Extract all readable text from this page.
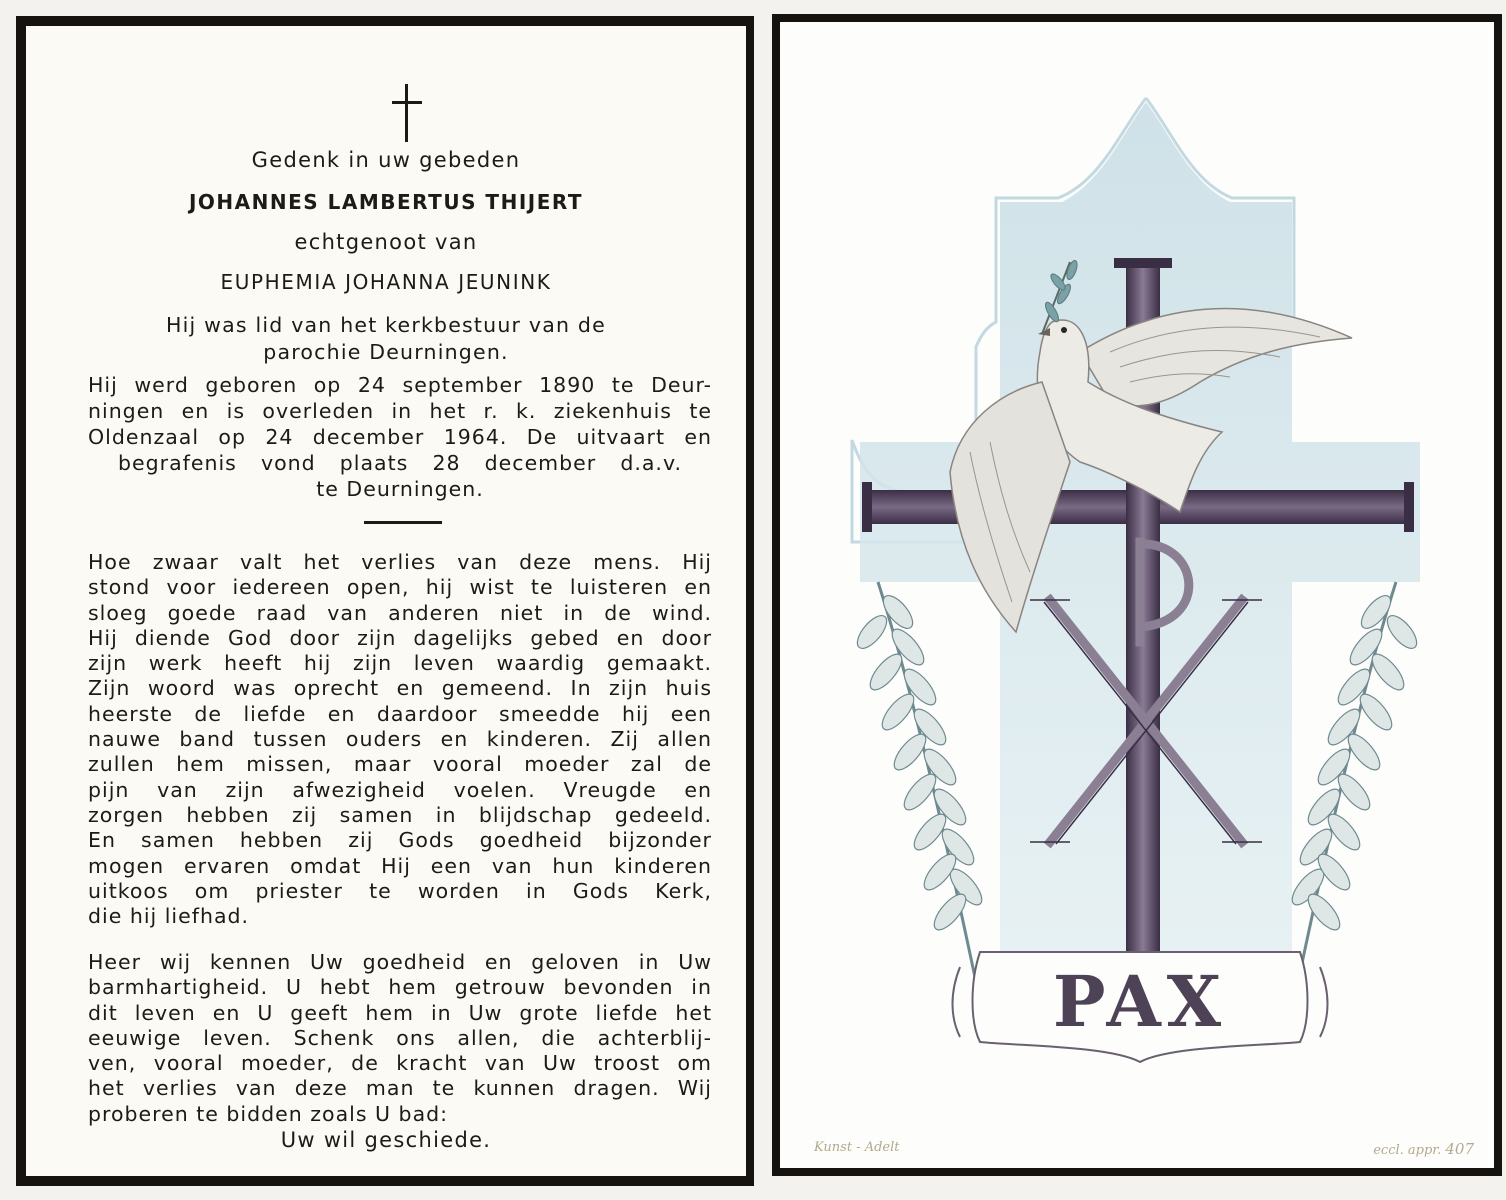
Gedenk in uw gebeden
JOHANNES LAMBERTUS THIJERT
echtgenoot van
EUPHEMIA JOHANNA JEUNINK
Hij was lid van het kerkbestuur van de
parochie Deurningen.
Hij werd geboren op 24 september 1890 te Deur-
ningen en is overleden in het r. k. ziekenhuis te
Oldenzaal op 24 december 1964. De uitvaart en
begrafenis vond plaats 28 december d.a.v.
te Deurningen.
Hoe zwaar valt het verlies van deze mens. Hij
stond voor iedereen open, hij wist te luisteren en
sloeg goede raad van anderen niet in de wind.
Hij diende God door zijn dagelijks gebed en door
zijn werk heeft hij zijn leven waardig gemaakt.
Zijn woord was oprecht en gemeend. In zijn huis
heerste de liefde en daardoor smeedde hij een
nauwe band tussen ouders en kinderen. Zij allen
zullen hem missen, maar vooral moeder zal de
pijn van zijn afwezigheid voelen. Vreugde en
zorgen hebben zij samen in blijdschap gedeeld.
En samen hebben zij Gods goedheid bijzonder
mogen ervaren omdat Hij een van hun kinderen
uitkoos om priester te worden in Gods Kerk,
die hij liefhad.
Heer wij kennen Uw goedheid en geloven in Uw
barmhartigheid. U hebt hem getrouw bevonden in
dit leven en U geeft hem in Uw grote liefde het
eeuwige leven. Schenk ons allen, die achterblij-
ven, vooral moeder, de kracht van Uw troost om
het verlies van deze man te kunnen dragen. Wij
proberen te bidden zoals U bad:
Uw wil geschiede.
PAX
Kunst - Adelt	eccl. appr. 407
